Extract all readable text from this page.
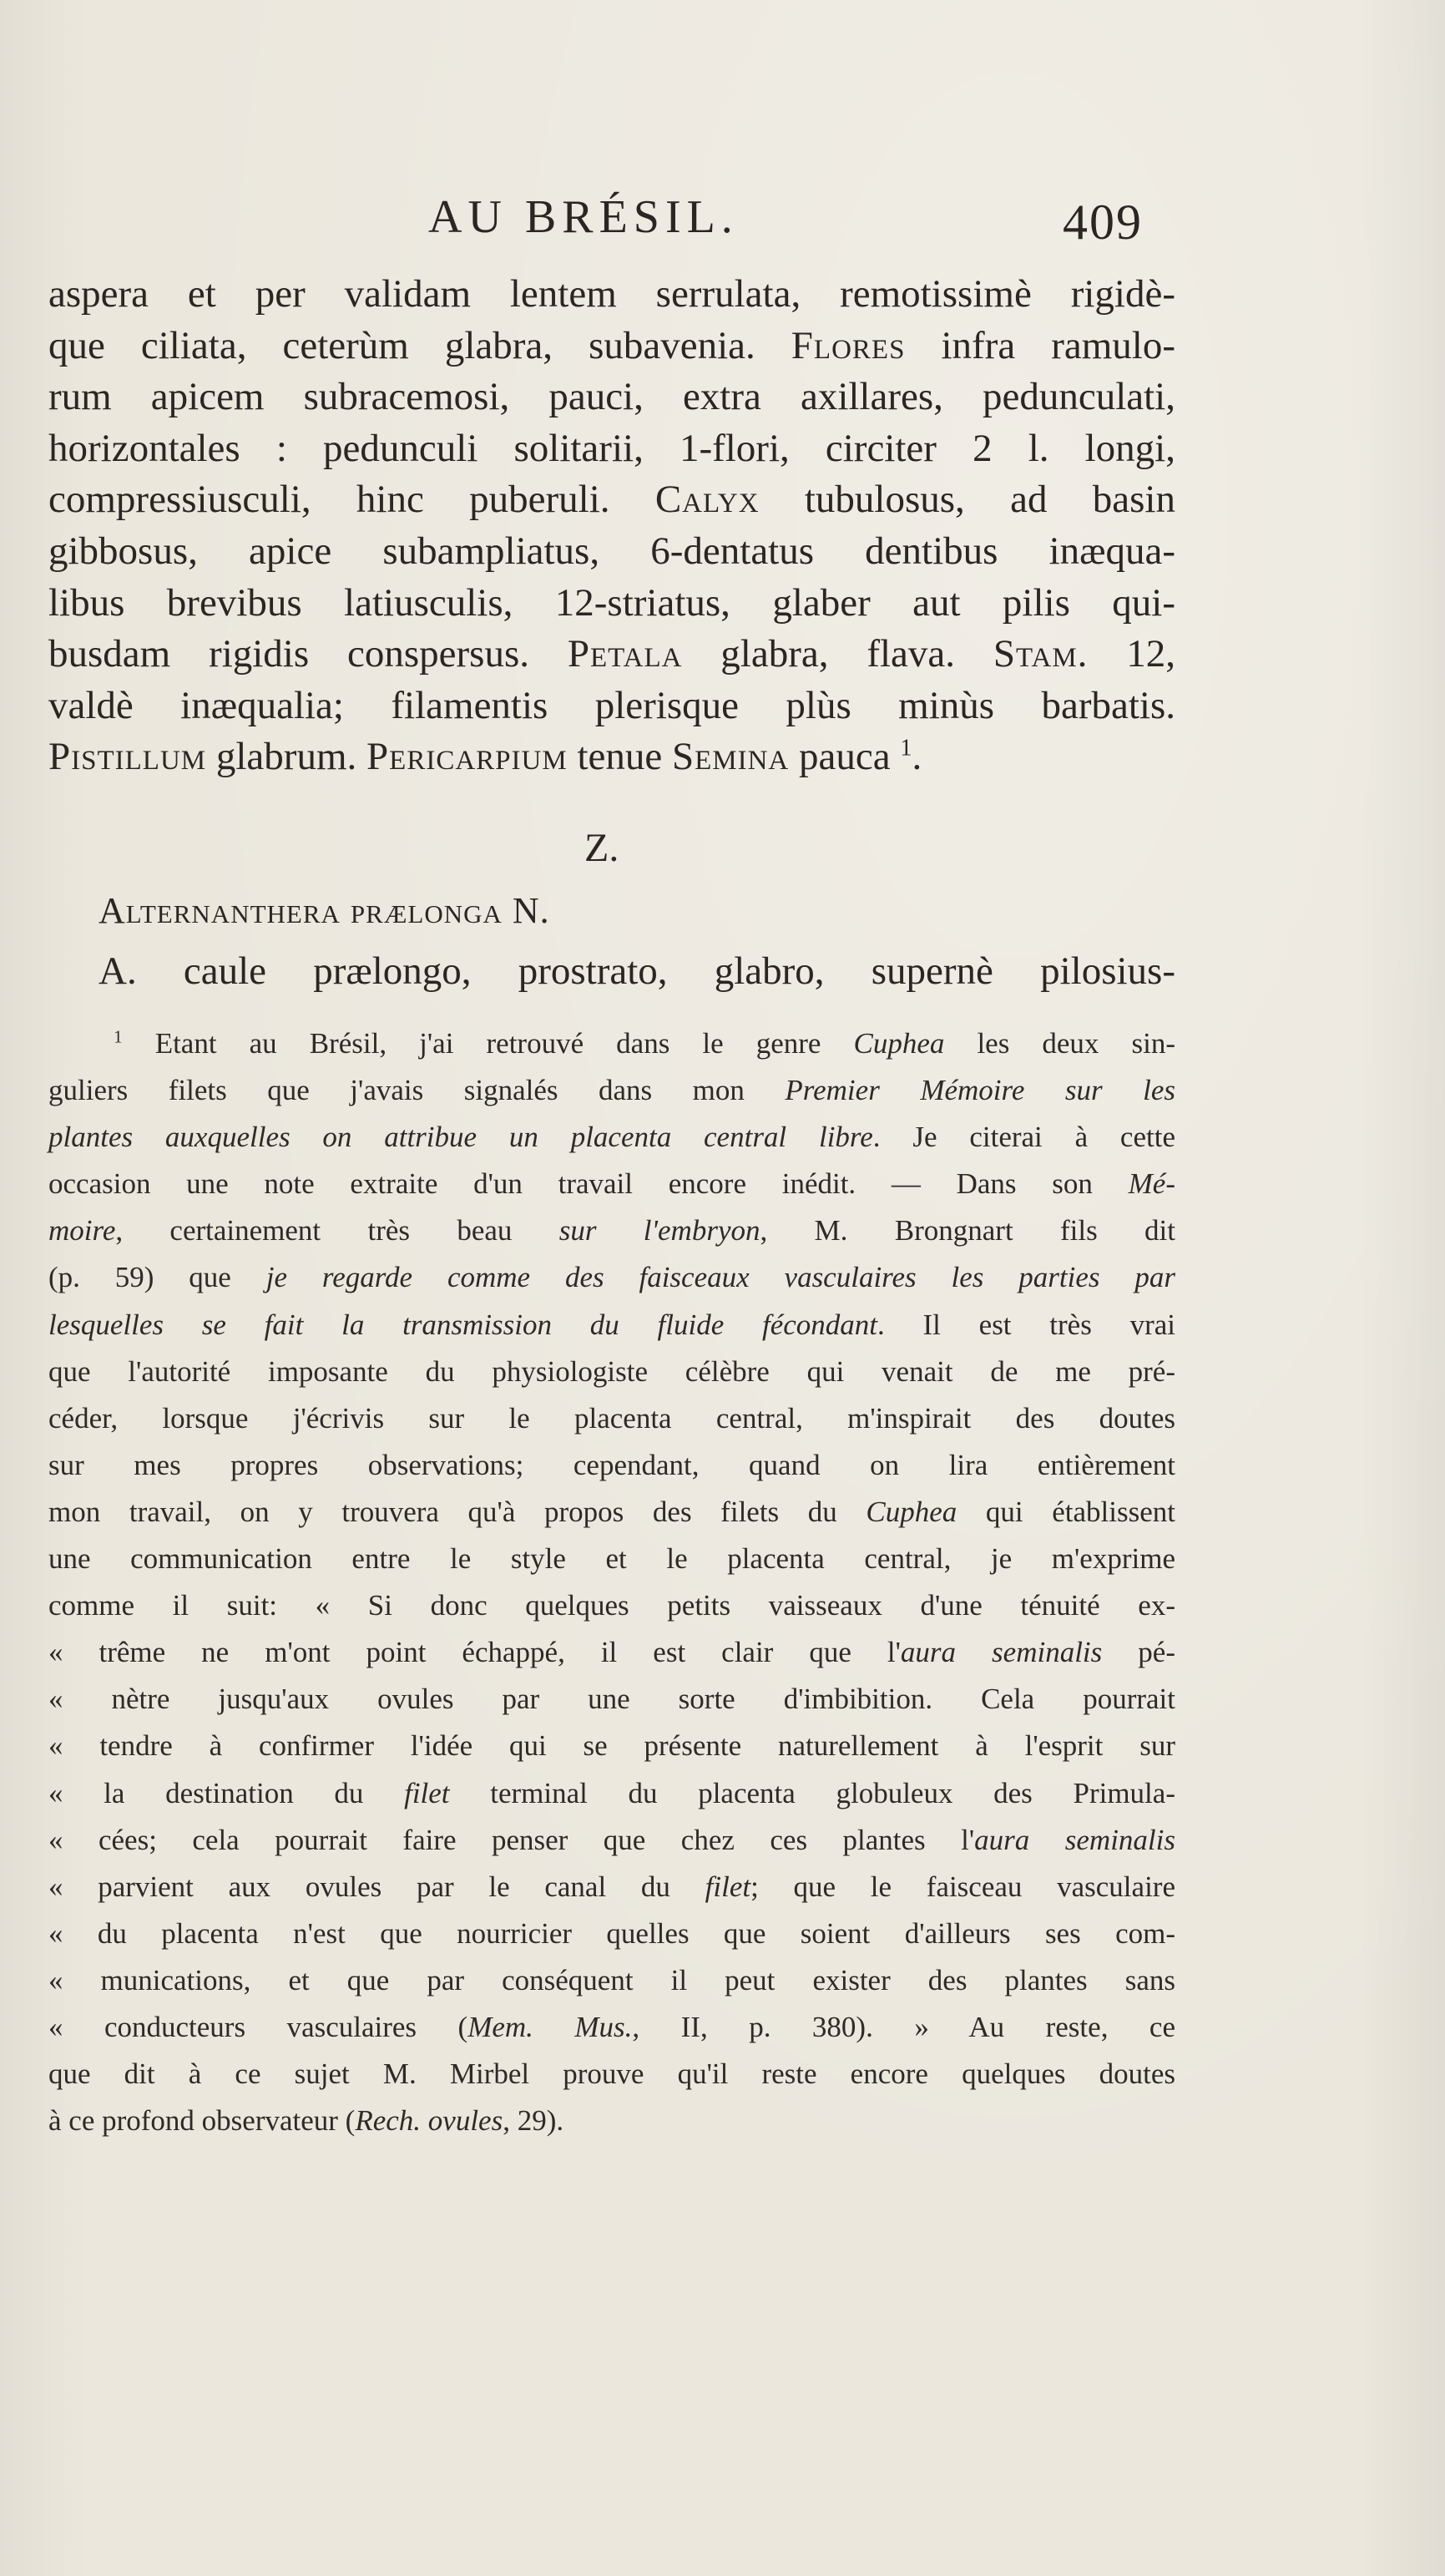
AU BRÉSIL.	409
aspera et per validam lentem serrulata, remotissimè rigidè-
que ciliata, ceterùm glabra, subavenia. Flores infra ramulo-
rum apicem subracemosi, pauci, extra axillares, pedunculati,
horizontales : pedunculi solitarii, 1-flori, circiter 2 l. longi,
compressiusculi, hinc puberuli. Calyx tubulosus, ad basin
gibbosus, apice subampliatus, 6-dentatus dentibus inæqua-
libus brevibus latiusculis, 12-striatus, glaber aut pilis qui-
busdam rigidis conspersus. Petala glabra, flava. Stam. 12,
valdè inæqualia; filamentis plerisque plùs minùs barbatis.
Pistillum glabrum. Pericarpium tenue Semina pauca $^1$.
Z.
Alternanthera prælonga N.
A. caule prælongo, prostrato, glabro, supernè pilosius-
$^1$ Etant au Brésil, j'ai retrouvé dans le genre Cuphea les deux sin-
guliers filets que j'avais signalés dans mon Premier Mémoire sur les
plantes auxquelles on attribue un placenta central libre. Je citerai à cette
occasion une note extraite d'un travail encore inédit. — Dans son Mé-
moire, certainement très beau sur l'embryon, M. Brongnart fils dit
(p. 59) que je regarde comme des faisceaux vasculaires les parties par
lesquelles se fait la transmission du fluide fécondant. Il est très vrai
que l'autorité imposante du physiologiste célèbre qui venait de me pré-
céder, lorsque j'écrivis sur le placenta central, m'inspirait des doutes
sur mes propres observations; cependant, quand on lira entièrement
mon travail, on y trouvera qu'à propos des filets du Cuphea qui établissent
une communication entre le style et le placenta central, je m'exprime
comme il suit: « Si donc quelques petits vaisseaux d'une ténuité ex-
« trême ne m'ont point échappé, il est clair que l'aura seminalis pé-
« nètre jusqu'aux ovules par une sorte d'imbibition. Cela pourrait
« tendre à confirmer l'idée qui se présente naturellement à l'esprit sur
« la destination du filet terminal du placenta globuleux des Primula-
« cées; cela pourrait faire penser que chez ces plantes l'aura seminalis
« parvient aux ovules par le canal du filet; que le faisceau vasculaire
« du placenta n'est que nourricier quelles que soient d'ailleurs ses com-
« munications, et que par conséquent il peut exister des plantes sans
« conducteurs vasculaires (Mem. Mus., II, p. 380). » Au reste, ce
que dit à ce sujet M. Mirbel prouve qu'il reste encore quelques doutes
à ce profond observateur (Rech. ovules, 29).
